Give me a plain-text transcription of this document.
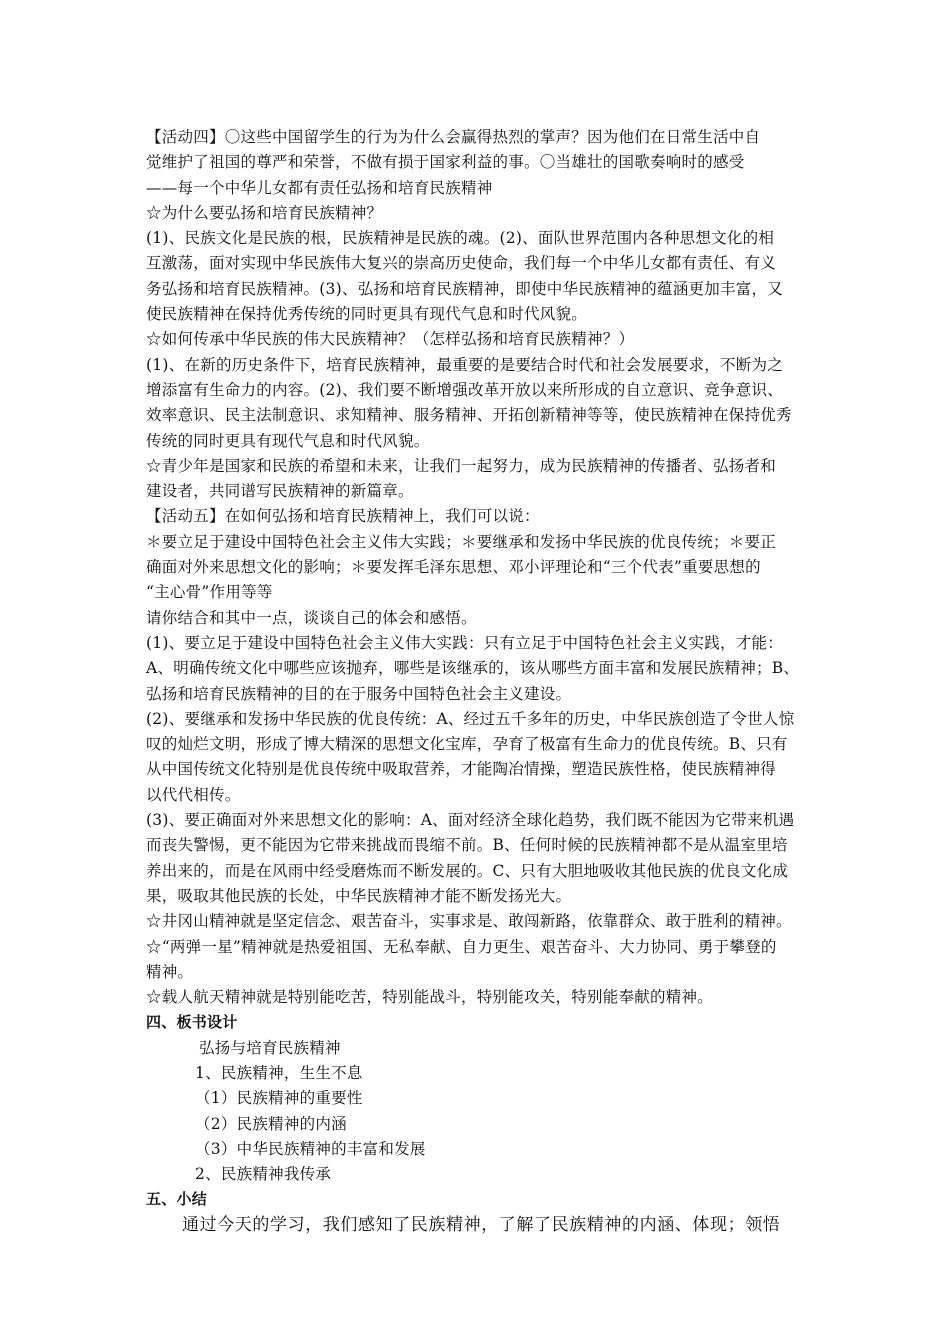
【活动四】〇这些中国留学生的行为为什么会赢得热烈的掌声？因为他们在日常生活中自
觉维护了祖国的尊严和荣誉，不做有损于国家利益的事。〇当雄壮的国歌奏响时的感受
——每一个中华儿女都有责任弘扬和培育民族精神
☆为什么要弘扬和培育民族精神？
(1)、民族文化是民族的根，民族精神是民族的魂。(2)、面队世界范围内各种思想文化的相
互激荡，面对实现中华民族伟大复兴的崇高历史使命，我们每一个中华儿女都有责任、有义
务弘扬和培育民族精神。(3)、弘扬和培育民族精神，即使中华民族精神的蕴涵更加丰富，又
使民族精神在保持优秀传统的同时更具有现代气息和时代风貌。
☆如何传承中华民族的伟大民族精神？（怎样弘扬和培育民族精神？）
(1)、在新的历史条件下，培育民族精神，最重要的是要结合时代和社会发展要求，不断为之
增添富有生命力的内容。(2)、我们要不断增强改革开放以来所形成的自立意识、竞争意识、
效率意识、民主法制意识、求知精神、服务精神、开拓创新精神等等，使民族精神在保持优秀
传统的同时更具有现代气息和时代风貌。
☆青少年是国家和民族的希望和未来，让我们一起努力，成为民族精神的传播者、弘扬者和
建设者，共同谱写民族精神的新篇章。
【活动五】在如何弘扬和培育民族精神上，我们可以说：
＊要立足于建设中国特色社会主义伟大实践；＊要继承和发扬中华民族的优良传统；＊要正
确面对外来思想文化的影响；＊要发挥毛泽东思想、邓小评理论和“三个代表”重要思想的
“主心骨”作用等等
请你结合和其中一点，谈谈自己的体会和感悟。
(1)、要立足于建设中国特色社会主义伟大实践：只有立足于中国特色社会主义实践，才能：
A、明确传统文化中哪些应该抛弃，哪些是该继承的，该从哪些方面丰富和发展民族精神；B、
弘扬和培育民族精神的目的在于服务中国特色社会主义建设。
(2)、要继承和发扬中华民族的优良传统：A、经过五千多年的历史，中华民族创造了令世人惊
叹的灿烂文明，形成了博大精深的思想文化宝库，孕育了极富有生命力的优良传统。B、只有
从中国传统文化特别是优良传统中吸取营养，才能陶冶情操，塑造民族性格，使民族精神得
以代代相传。
(3)、要正确面对外来思想文化的影响：A、面对经济全球化趋势，我们既不能因为它带来机遇
而丧失警惕，更不能因为它带来挑战而畏缩不前。B、任何时候的民族精神都不是从温室里培
养出来的，而是在风雨中经受磨炼而不断发展的。C、只有大胆地吸收其他民族的优良文化成
果，吸取其他民族的长处，中华民族精神才能不断发扬光大。
☆井冈山精神就是坚定信念、艰苦奋斗，实事求是、敢闯新路，依靠群众、敢于胜利的精神。
☆“两弹一星”精神就是热爱祖国、无私奉献、自力更生、艰苦奋斗、大力协同、勇于攀登的
精神。
☆载人航天精神就是特别能吃苦，特别能战斗，特别能攻关，特别能奉献的精神。
四、板书设计
弘扬与培育民族精神
1、民族精神，生生不息
（1）民族精神的重要性
（2）民族精神的内涵
（3）中华民族精神的丰富和发展
2、民族精神我传承
五、小结
通过今天的学习，我们感知了民族精神，了解了民族精神的内涵、体现；领悟
